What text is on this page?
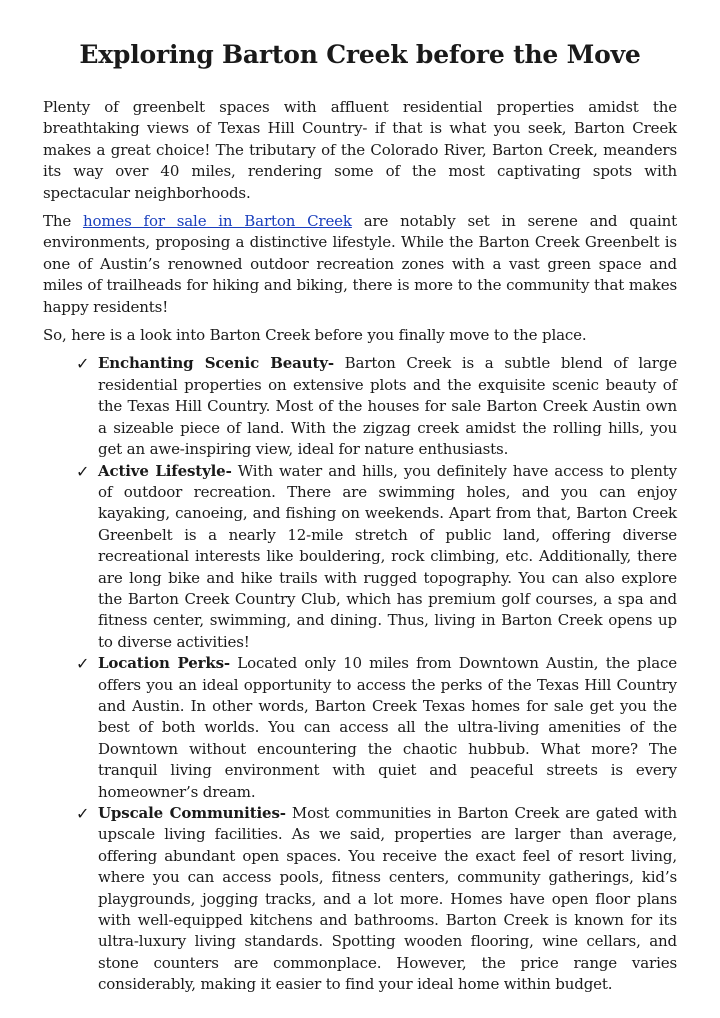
Exploring Barton Creek before the Move

Plenty of greenbelt spaces with affluent residential properties amidst the breathtaking views of Texas Hill Country- if that is what you seek, Barton Creek makes a great choice! The tributary of the Colorado River, Barton Creek, meanders its way over 40 miles, rendering some of the most captivating spots with spectacular neighborhoods.

The homes for sale in Barton Creek are notably set in serene and quaint environments, proposing a distinctive lifestyle. While the Barton Creek Greenbelt is one of Austin’s renowned outdoor recreation zones with a vast green space and miles of trailheads for hiking and biking, there is more to the community that makes happy residents!

So, here is a look into Barton Creek before you finally move to the place.

✓ Enchanting Scenic Beauty- Barton Creek is a subtle blend of large residential properties on extensive plots and the exquisite scenic beauty of the Texas Hill Country. Most of the houses for sale Barton Creek Austin own a sizeable piece of land. With the zigzag creek amidst the rolling hills, you get an awe-inspiring view, ideal for nature enthusiasts.
✓ Active Lifestyle- With water and hills, you definitely have access to plenty of outdoor recreation. There are swimming holes, and you can enjoy kayaking, canoeing, and fishing on weekends. Apart from that, Barton Creek Greenbelt is a nearly 12-mile stretch of public land, offering diverse recreational interests like bouldering, rock climbing, etc. Additionally, there are long bike and hike trails with rugged topography. You can also explore the Barton Creek Country Club, which has premium golf courses, a spa and fitness center, swimming, and dining. Thus, living in Barton Creek opens up to diverse activities!
✓ Location Perks- Located only 10 miles from Downtown Austin, the place offers you an ideal opportunity to access the perks of the Texas Hill Country and Austin. In other words, Barton Creek Texas homes for sale get you the best of both worlds. You can access all the ultra-living amenities of the Downtown without encountering the chaotic hubbub. What more? The tranquil living environment with quiet and peaceful streets is every homeowner’s dream.
✓ Upscale Communities- Most communities in Barton Creek are gated with upscale living facilities. As we said, properties are larger than average, offering abundant open spaces. You receive the exact feel of resort living, where you can access pools, fitness centers, community gatherings, kid’s playgrounds, jogging tracks, and a lot more. Homes have open floor plans with well-equipped kitchens and bathrooms. Barton Creek is known for its ultra-luxury living standards. Spotting wooden flooring, wine cellars, and stone counters are commonplace. However, the price range varies considerably, making it easier to find your ideal home within budget.
